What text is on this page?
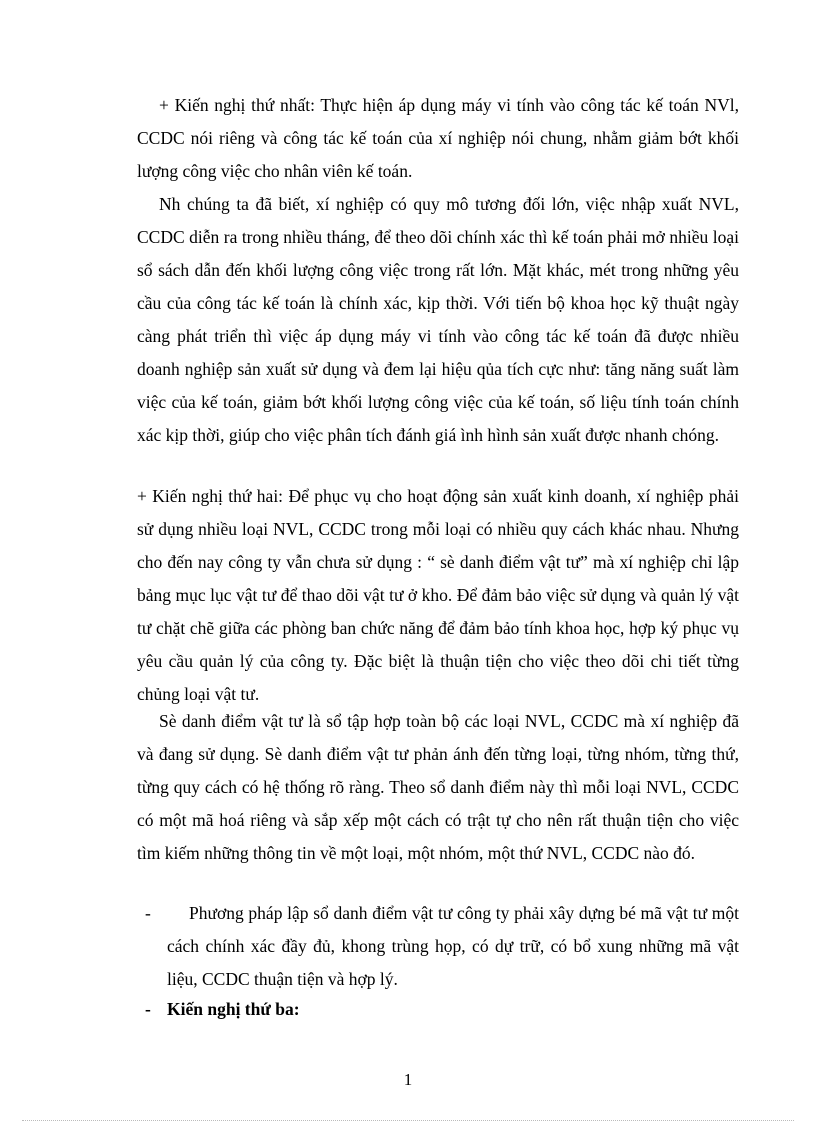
+ Kiến nghị thứ nhất: Thực hiện áp dụng máy vi tính vào công tác kế toán NVl, CCDC nói riêng và công tác kế toán của xí nghiệp nói chung, nhằm giảm bớt khối lượng công việc cho nhân viên kế toán.

Nh chúng ta đã biết, xí nghiệp có quy mô tương đối lớn, việc nhập xuất NVL, CCDC diễn ra trong nhiều tháng, để theo dõi chính xác thì kế toán phải mở nhiều loại sổ sách dẫn đến khối lượng công việc trong rất lớn. Mặt khác, mét trong những yêu cầu của công tác kế toán là chính xác, kịp thời. Với tiến bộ khoa học kỹ thuật ngày càng phát triển thì việc áp dụng máy vi tính vào công tác kế toán đã được nhiều doanh nghiệp sản xuất sử dụng và đem lại hiệu qủa tích cực như: tăng năng suất làm việc của kế toán, giảm bớt khối lượng công việc của kế toán, số liệu tính toán chính xác kịp thời, giúp cho việc phân tích đánh giá ình hình sản xuất được nhanh chóng.

+ Kiến nghị thứ hai: Để phục vụ cho hoạt động sản xuất kinh doanh, xí nghiệp phải sử dụng nhiều loại NVL, CCDC trong mỗi loại có nhiều quy cách khác nhau. Nhưng cho đến nay công ty vẫn chưa sử dụng : “ sè danh điểm vật tư” mà xí nghiệp chỉ lập bảng mục lục vật tư để thao dõi vật tư ở kho. Để đảm bảo việc sử dụng và quản lý vật tư chặt chẽ giữa các phòng ban chức năng để đảm bảo tính khoa học, hợp ký phục vụ yêu cầu quản lý của công ty. Đặc biệt là thuận tiện cho việc theo dõi chi tiết từng chủng loại vật tư.

Sè danh điểm vật tư là sổ tập hợp toàn bộ các loại NVL, CCDC mà xí nghiệp đã và đang sử dụng. Sè danh điểm vật tư phản ánh đến từng loại, từng nhóm, từng thứ, từng quy cách có hệ thống rõ ràng. Theo sổ danh điểm này thì mỗi loại NVL, CCDC có một mã hoá riêng và sắp xếp một cách có trật tự cho nên rất thuận tiện cho việc tìm kiếm những thông tin về một loại, một nhóm, một thứ NVL, CCDC nào đó.

-	Phương pháp lập sổ danh điểm vật tư công ty phải xây dựng bé mã vật tư một cách chính xác đầy đủ, khong trùng họp, có dự trữ, có bổ xung những mã vật liệu, CCDC thuận tiện và hợp lý.
- Kiến nghị thứ ba:
1
